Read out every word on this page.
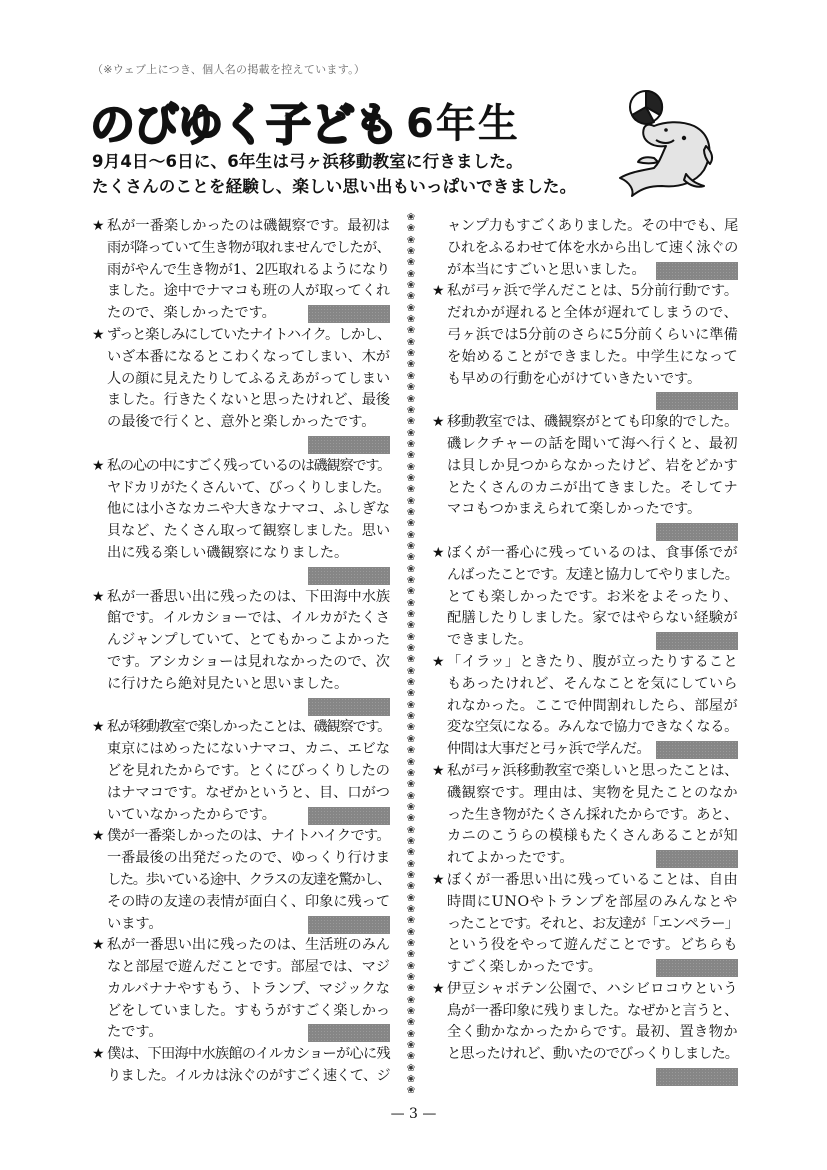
（※ウェブ上につき、個人名の掲載を控えています。）
のびゆく子ども 6年生
9月4日〜6日に、6年生は弓ヶ浜移動教室に行きました。
たくさんのことを経験し、楽しい思い出もいっぱいできました。
★ 私が一番楽しかったのは磯観察です。最初は
雨が降っていて生き物が取れませんでしたが、
雨がやんで生き物が1、2匹取れるようになり
ました。途中でナマコも班の人が取ってくれ
たので、楽しかったです。
★ ずっと楽しみにしていたナイトハイク。しかし、
いざ本番になるとこわくなってしまい、木が
人の顔に見えたりしてふるえあがってしまい
ました。行きたくないと思ったけれど、最後
の最後で行くと、意外と楽しかったです。
★ 私の心の中にすごく残っているのは磯観察です。
ヤドカリがたくさんいて、びっくりしました。
他には小さなカニや大きなナマコ、ふしぎな
貝など、たくさん取って観察しました。思い
出に残る楽しい磯観察になりました。
★ 私が一番思い出に残ったのは、下田海中水族
館です。イルカショーでは、イルカがたくさ
んジャンプしていて、とてもかっこよかった
です。アシカショーは見れなかったので、次
に行けたら絶対見たいと思いました。
★ 私が移動教室で楽しかったことは、磯観察です。
東京にはめったにないナマコ、カニ、エビな
どを見れたからです。とくにびっくりしたの
はナマコです。なぜかというと、目、口がつ
いていなかったからです。
★ 僕が一番楽しかったのは、ナイトハイクです。
一番最後の出発だったので、ゆっくり行けま
した。歩いている途中、クラスの友達を驚かし、
その時の友達の表情が面白く、印象に残って
います。
★ 私が一番思い出に残ったのは、生活班のみん
なと部屋で遊んだことです。部屋では、マジ
カルバナナやすもう、トランプ、マジックな
どをしていました。すもうがすごく楽しかっ
たです。
★ 僕は、下田海中水族館のイルカショーが心に残
りました。イルカは泳ぐのがすごく速くて、ジ
❀
❀
❀
❀
❀
❀
❀
❀
❀
❀
❀
❀
❀
❀
❀
❀
❀
❀
❀
❀
❀
❀
❀
❀
❀
❀
❀
❀
❀
❀
❀
❀
❀
❀
❀
❀
❀
❀
❀
❀
❀
❀
❀
❀
❀
❀
❀
❀
❀
❀
❀
❀
❀
❀
❀
❀
❀
❀
❀
❀
❀
❀
❀
❀
❀
❀
❀
❀
❀
❀
❀
❀
❀
❀
❀
❀
❀
❀
ャンプ力もすごくありました。その中でも、尾
ひれをふるわせて体を水から出して速く泳ぐの
が本当にすごいと思いました。
★ 私が弓ヶ浜で学んだことは、5分前行動です。
だれかが遅れると全体が遅れてしまうので、
弓ヶ浜では5分前のさらに5分前くらいに準備
を始めることができました。中学生になって
も早めの行動を心がけていきたいです。
★ 移動教室では、磯観察がとても印象的でした。
磯レクチャーの話を聞いて海へ行くと、最初
は貝しか見つからなかったけど、岩をどかす
とたくさんのカニが出てきました。そしてナ
マコもつかまえられて楽しかったです。
★ ぼくが一番心に残っているのは、食事係でが
んばったことです。友達と協力してやりました。
とても楽しかったです。お米をよそったり、
配膳したりしました。家ではやらない経験が
できました。
★ 「イラッ」ときたり、腹が立ったりすること
もあったけれど、そんなことを気にしていら
れなかった。ここで仲間割れしたら、部屋が
変な空気になる。みんなで協力できなくなる。
仲間は大事だと弓ヶ浜で学んだ。
★ 私が弓ヶ浜移動教室で楽しいと思ったことは、
磯観察です。理由は、実物を見たことのなか
った生き物がたくさん採れたからです。あと、
カニのこうらの模様もたくさんあることが知
れてよかったです。
★ ぼくが一番思い出に残っていることは、自由
時間にUNOやトランプを部屋のみんなとや
ったことです。それと、お友達が「エンペラー」
という役をやって遊んだことです。どちらも
すごく楽しかったです。
★ 伊豆シャボテン公園で、ハシビロコウという
鳥が一番印象に残りました。なぜかと言うと、
全く動かなかったからです。最初、置き物か
と思ったけれど、動いたのでびっくりしました。
— 3 —
